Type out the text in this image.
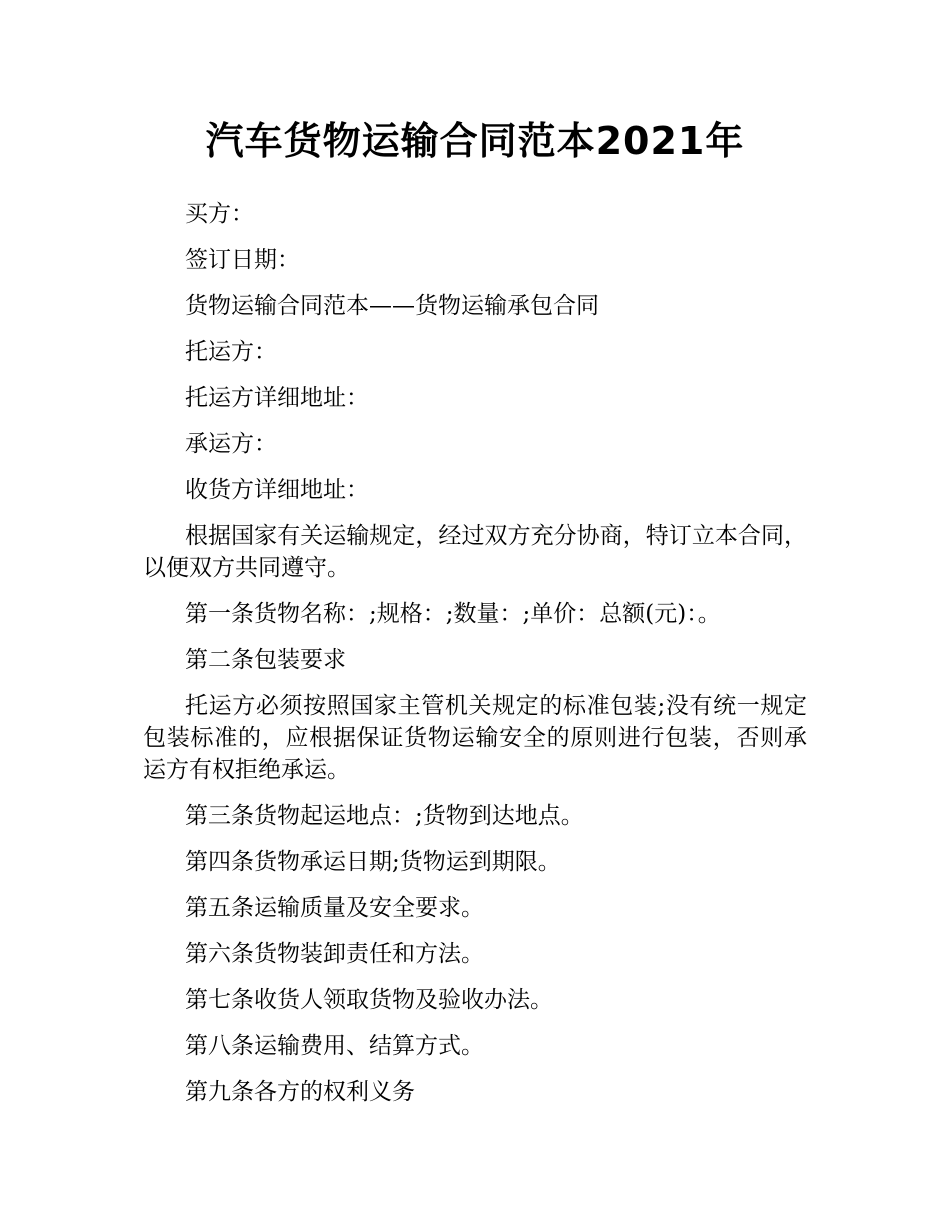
汽车货物运输合同范本2021年

买方：

签订日期：

货物运输合同范本——货物运输承包合同

托运方：

托运方详细地址：

承运方：

收货方详细地址：

根据国家有关运输规定，经过双方充分协商，特订立本合同，以便双方共同遵守。

第一条货物名称：;规格：;数量：;单价：总额(元)：。

第二条包装要求

托运方必须按照国家主管机关规定的标准包装;没有统一规定包装标准的，应根据保证货物运输安全的原则进行包装，否则承运方有权拒绝承运。

第三条货物起运地点：;货物到达地点。

第四条货物承运日期;货物运到期限。

第五条运输质量及安全要求。

第六条货物装卸责任和方法。

第七条收货人领取货物及验收办法。

第八条运输费用、结算方式。

第九条各方的权利义务
